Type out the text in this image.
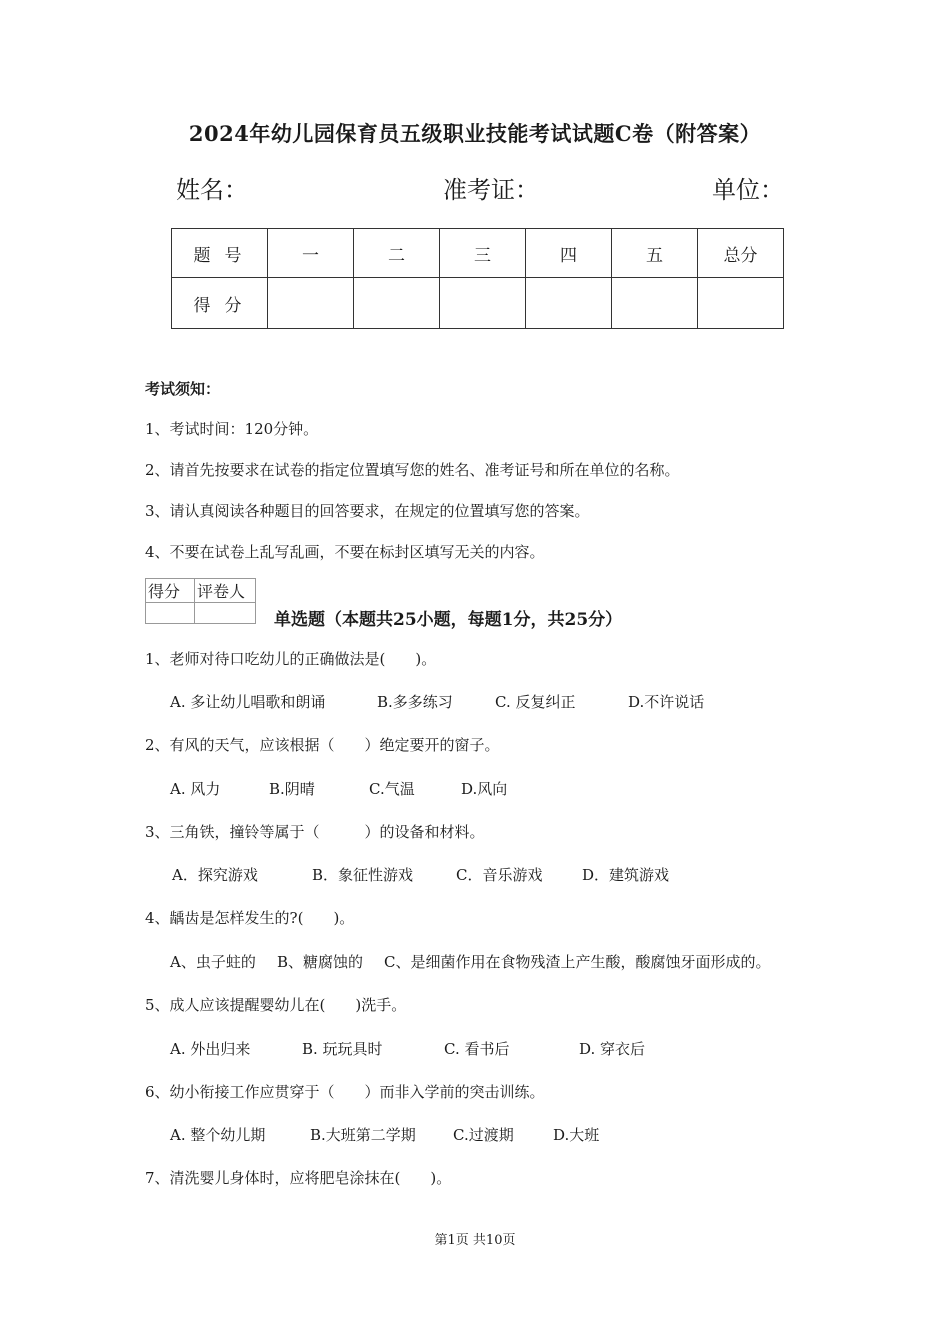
2024年幼儿园保育员五级职业技能考试试题C卷（附答案）
姓名：	准考证：	单位：
题号	一	二	三	四	五	总分
得分						
考试须知：
1、考试时间：120分钟。
2、请首先按要求在试卷的指定位置填写您的姓名、准考证号和所在单位的名称。
3、请认真阅读各种题目的回答要求，在规定的位置填写您的答案。
4、不要在试卷上乱写乱画，不要在标封区填写无关的内容。
得分	评卷人

单选题（本题共25小题，每题1分，共25分）
1、老师对待口吃幼儿的正确做法是(　　)。
A. 多让幼儿唱歌和朗诵	B.多多练习	C. 反复纠正	D.不许说话
2、有风的天气，应该根据（　　）绝定要开的窗子。
A. 风力	B.阴晴	C.气温	D.风向
3、三角铁，撞铃等属于（　　　）的设备和材料。
A．探究游戏	B．象征性游戏	C．音乐游戏	D．建筑游戏
4、龋齿是怎样发生的?(　　)。
A、虫子蛀的 B、糖腐蚀的 C、是细菌作用在食物残渣上产生酸，酸腐蚀牙面形成的。
5、成人应该提醒婴幼儿在(　　)洗手。
A. 外出归来	B. 玩玩具时	C. 看书后	D. 穿衣后
6、幼小衔接工作应贯穿于（　　）而非入学前的突击训练。
A. 整个幼儿期	B.大班第二学期 C.过渡期	D.大班
7、清洗婴儿身体时，应将肥皂涂抹在(　　)。
第1页 共10页
